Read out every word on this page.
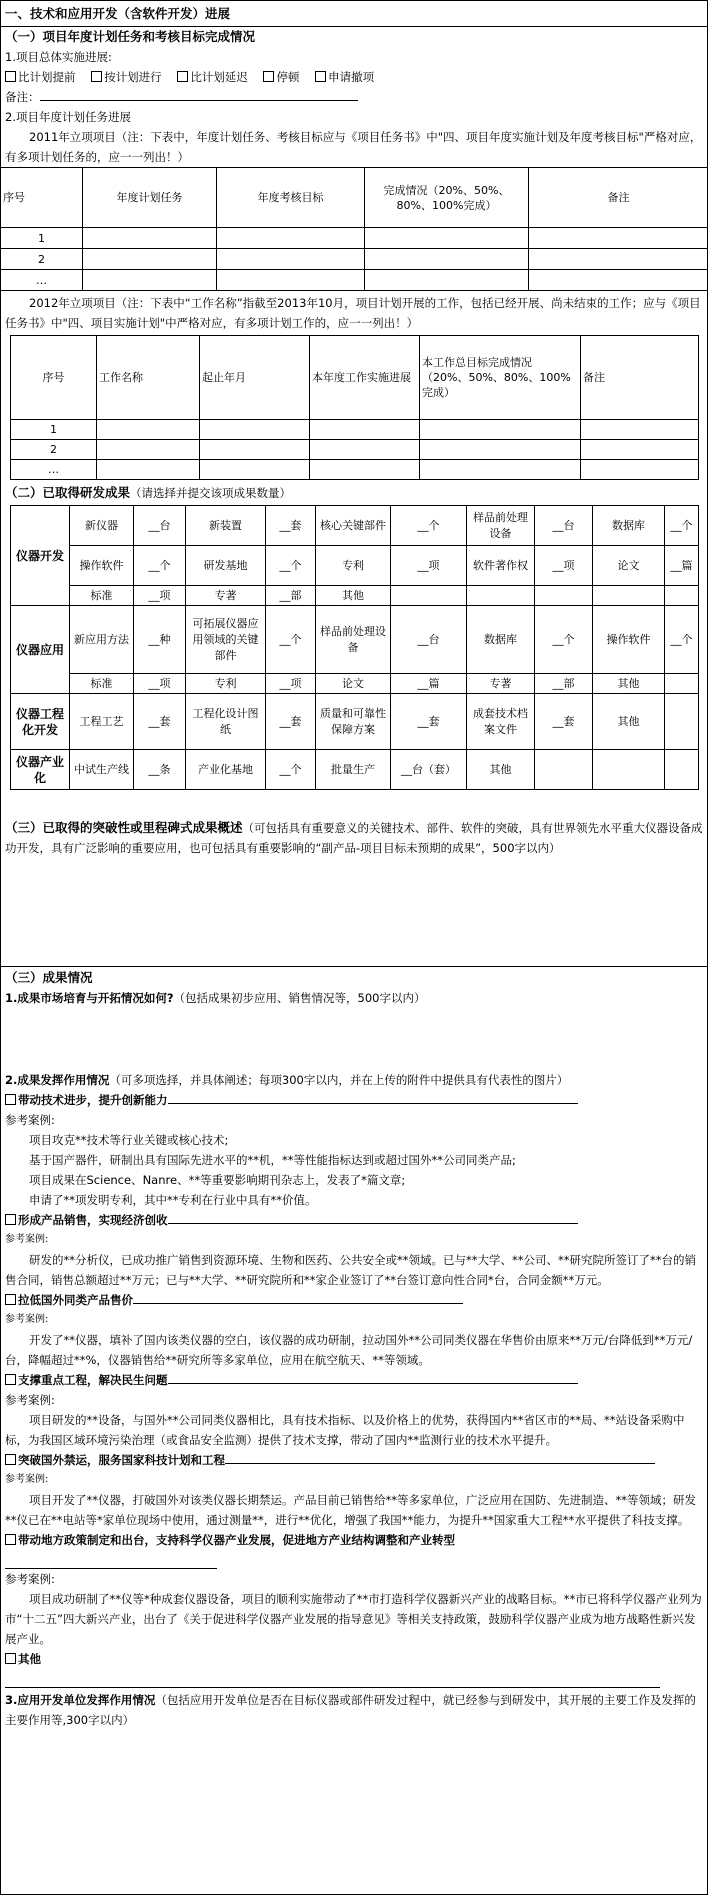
一、技术和应用开发（含软件开发）进展
（一）项目年度计划任务和考核目标完成情况
1.项目总体实施进展:
比计划提前 按计划进行 比计划延迟 停顿 申请撤项
备注：
2.项目年度计划任务进展
2011年立项项目（注：下表中，年度计划任务、考核目标应与《项目任务书》中"四、项目年度实施计划及年度考核目标"严格对应，有多项计划任务的，应一一列出！）
序号	年度计划任务	年度考核目标	完成情况（20%、50%、80%、100%完成）	备注
1				
2				
…				
2012年立项项目（注：下表中“工作名称”指截至2013年10月，项目计划开展的工作，包括已经开展、尚未结束的工作；应与《项目任务书》中"四、项目实施计划"中严格对应，有多项计划工作的，应一一列出！）
序号	工作名称	起止年月	本年度工作实施进展	本工作总目标完成情况（20%、50%、80%、100%完成）	备注
1					
2					
…					
（二）已取得研发成果（请选择并提交该项成果数量）
仪器开发	新仪器	__台	新装置	__套	核心关键部件	__个	样品前处理设备	__台	数据库	__个
	操作软件	__个	研发基地	__个	专利	__项	软件著作权	__项	论文	__篇
	标准	__项	专著	__部	其他					
仪器应用	新应用方法	__种	可拓展仪器应用领域的关键部件	__个	样品前处理设备	__台	数据库	__个	操作软件	__个
	标准	__项	专利	__项	论文	__篇	专著	__部	其他	
仪器工程化开发	工程工艺	__套	工程化设计图纸	__套	质量和可靠性保障方案	__套	成套技术档案文件	__套	其他	
仪器产业化	中试生产线	__条	产业化基地	__个	批量生产	__台（套）	其他			
（三）已取得的突破性或里程碑式成果概述（可包括具有重要意义的关键技术、部件、软件的突破，具有世界领先水平重大仪器设备成功开发，具有广泛影响的重要应用，也可包括具有重要影响的“副产品-项目目标未预期的成果”，500字以内）
（三）成果情况
1.成果市场培育与开拓情况如何?（包括成果初步应用、销售情况等，500字以内）
2.成果发挥作用情况（可多项选择，并具体阐述；每项300字以内，并在上传的附件中提供具有代表性的图片）
带动技术进步，提升创新能力
参考案例:
项目攻克**技术等行业关键或核心技术;
基于国产器件，研制出具有国际先进水平的**机，**等性能指标达到或超过国外**公司同类产品;
项目成果在Science、Nanre、**等重要影响期刊杂志上，发表了*篇文章;
申请了**项发明专利，其中**专利在行业中具有**价值。
形成产品销售，实现经济创收
参考案例:
研发的**分析仪，已成功推广销售到资源环境、生物和医药、公共安全或**领域。已与**大学、**公司、**研究院所签订了**台的销售合同，销售总额超过**万元；已与**大学、**研究院所和**家企业签订了**台签订意向性合同*台，合同金额**万元。
拉低国外同类产品售价
参考案例:
开发了**仪器，填补了国内该类仪器的空白，该仪器的成功研制，拉动国外**公司同类仪器在华售价由原来**万元/台降低到**万元/台，降幅超过**%，仪器销售给**研究所等多家单位，应用在航空航天、**等领域。
支撑重点工程，解决民生问题
参考案例:
项目研发的**设备，与国外**公司同类仪器相比，具有技术指标、以及价格上的优势，获得国内**省区市的**局、**站设备采购中标，为我国区域环境污染治理（或食品安全监测）提供了技术支撑，带动了国内**监测行业的技术水平提升。
突破国外禁运，服务国家科技计划和工程
参考案例:
项目开发了**仪器，打破国外对该类仪器长期禁运。产品目前已销售给**等多家单位，广泛应用在国防、先进制造、**等领域；研发**仪已在**电站等*家单位现场中使用，通过测量**，进行**优化，增强了我国**能力，为提升**国家重大工程**水平提供了科技支撑。
带动地方政策制定和出台，支持科学仪器产业发展，促进地方产业结构调整和产业转型
参考案例:
项目成功研制了**仪等*种成套仪器设备，项目的顺利实施带动了**市打造科学仪器新兴产业的战略目标。**市已将科学仪器产业列为市“十二五”四大新兴产业，出台了《关于促进科学仪器产业发展的指导意见》等相关支持政策，鼓励科学仪器产业成为地方战略性新兴发展产业。
其他
3.应用开发单位发挥作用情况（包括应用开发单位是否在目标仪器或部件研发过程中，就已经参与到研发中，其开展的主要工作及发挥的主要作用等,300字以内）
